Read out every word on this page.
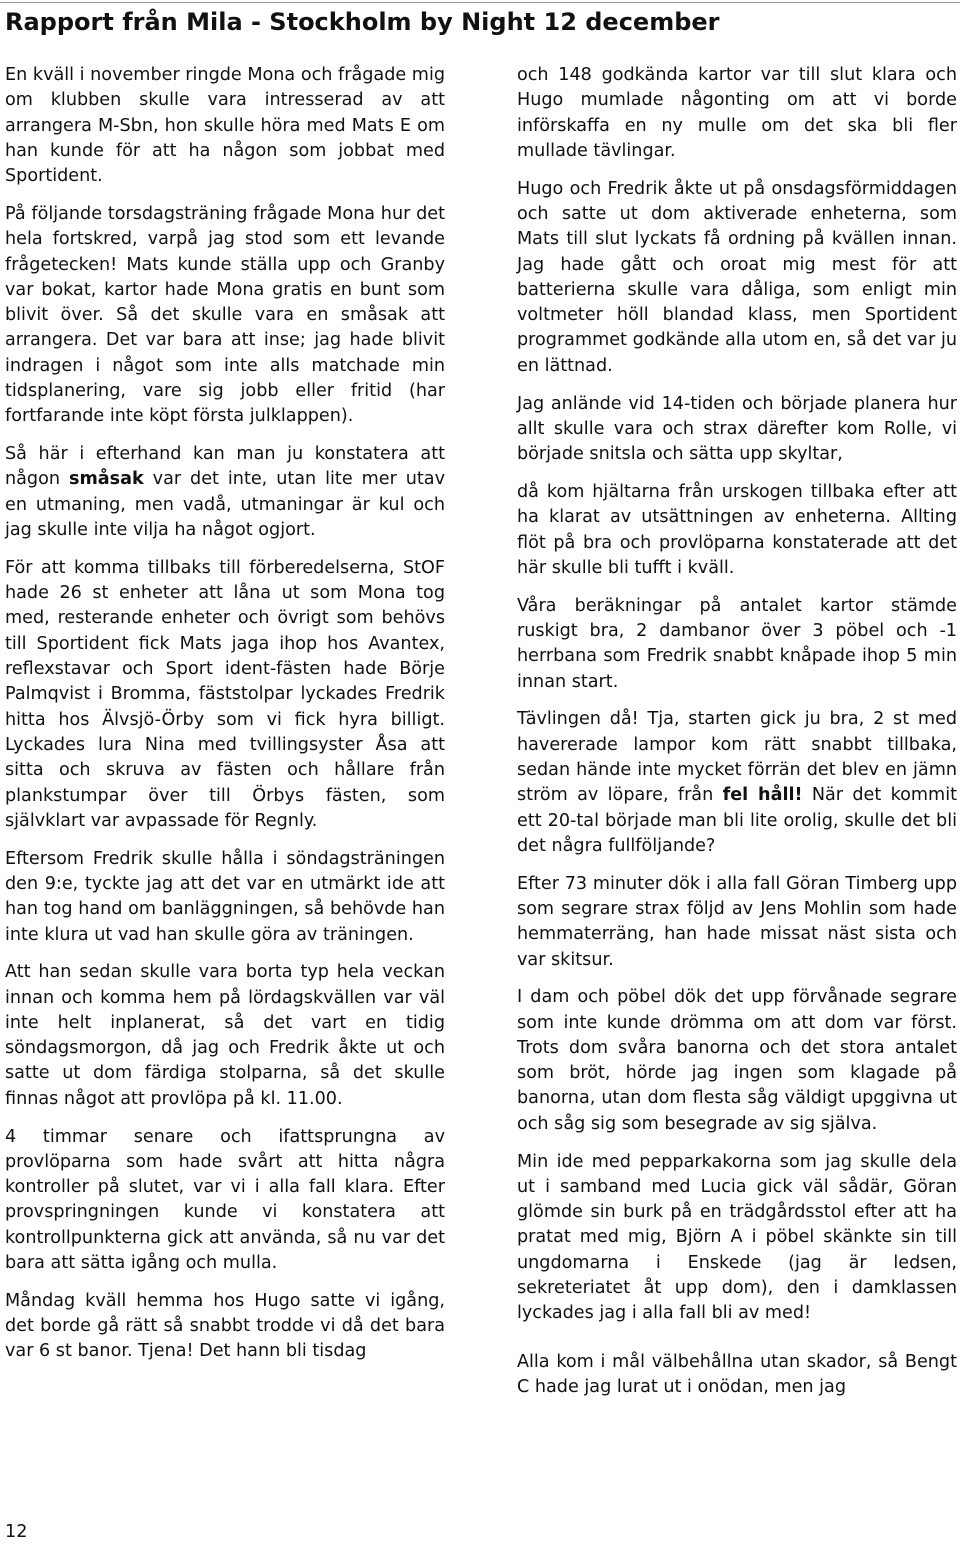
Rapport från Mila - Stockholm by Night 12 december

En kväll i november ringde Mona och frågade mig om klubben skulle vara intresserad av att arrangera M-Sbn, hon skulle höra med Mats E om han kunde för att ha någon som jobbat med Sportident.

På följande torsdagsträning frågade Mona hur det hela fortskred, varpå jag stod som ett levande frågetecken! Mats kunde ställa upp och Granby var bokat, kartor hade Mona gratis en bunt som blivit över. Så det skulle vara en småsak att arrangera. Det var bara att inse; jag hade blivit indragen i något som inte alls matchade min tidsplanering, vare sig jobb eller fritid (har fortfarande inte köpt första julklappen).

Så här i efterhand kan man ju konstatera att någon småsak var det inte, utan lite mer utav en utmaning, men vadå, utmaningar är kul och jag skulle inte vilja ha något ogjort.

För att komma tillbaks till förberedelserna, StOF hade 26 st enheter att låna ut som Mona tog med, resterande enheter och övrigt som behövs till Sportident fick Mats jaga ihop hos Avantex, reflexstavar och Sport ident-fästen hade Börje Palmqvist i Bromma, fäststolpar lyckades Fredrik hitta hos Älvsjö-Örby som vi fick hyra billigt. Lyckades lura Nina med tvillingsyster Åsa att sitta och skruva av fästen och hållare från plankstumpar över till Örbys fästen, som självklart var avpassade för Regnly.

Eftersom Fredrik skulle hålla i söndagsträningen den 9:e, tyckte jag att det var en utmärkt ide att han tog hand om banläggningen, så behövde han inte klura ut vad han skulle göra av träningen.

Att han sedan skulle vara borta typ hela veckan innan och komma hem på lördagskvällen var väl inte helt inplanerat, så det vart en tidig söndagsmorgon, då jag och Fredrik åkte ut och satte ut dom färdiga stolparna, så det skulle finnas något att provlöpa på kl. 11.00.

4 timmar senare och ifattsprungna av provlöparna som hade svårt att hitta några kontroller på slutet, var vi i alla fall klara. Efter provspringningen kunde vi konstatera att kontrollpunkterna gick att använda, så nu var det bara att sätta igång och mulla.

Måndag kväll hemma hos Hugo satte vi igång, det borde gå rätt så snabbt trodde vi då det bara var 6 st banor. Tjena! Det hann bli tisdag

och 148 godkända kartor var till slut klara och Hugo mumlade någonting om att vi borde införskaffa en ny mulle om det ska bli fler mullade tävlingar.

Hugo och Fredrik åkte ut på onsdagsförmiddagen och satte ut dom aktiverade enheterna, som Mats till slut lyckats få ordning på kvällen innan. Jag hade gått och oroat mig mest för att batterierna skulle vara dåliga, som enligt min voltmeter höll blandad klass, men Sportident programmet godkände alla utom en, så det var ju en lättnad.

Jag anlände vid 14-tiden och började planera hur allt skulle vara och strax därefter kom Rolle, vi började snitsla och sätta upp skyltar,

då kom hjältarna från urskogen tillbaka efter att ha klarat av utsättningen av enheterna. Allting flöt på bra och provlöparna konstaterade att det här skulle bli tufft i kväll.

Våra beräkningar på antalet kartor stämde ruskigt bra, 2 dambanor över 3 pöbel och -1 herrbana som Fredrik snabbt knåpade ihop 5 min innan start.

Tävlingen då! Tja, starten gick ju bra, 2 st med havererade lampor kom rätt snabbt tillbaka, sedan hände inte mycket förrän det blev en jämn ström av löpare, från fel håll! När det kommit ett 20-tal började man bli lite orolig, skulle det bli det några fullföljande?

Efter 73 minuter dök i alla fall Göran Timberg upp som segrare strax följd av Jens Mohlin som hade hemmaterräng, han hade missat näst sista och var skitsur.

I dam och pöbel dök det upp förvånade segrare som inte kunde drömma om att dom var först. Trots dom svåra banorna och det stora antalet som bröt, hörde jag ingen som klagade på banorna, utan dom flesta såg väldigt upggivna ut och såg sig som besegrade av sig själva.

Min ide med pepparkakorna som jag skulle dela ut i samband med Lucia gick väl sådär, Göran glömde sin burk på en trädgårdsstol efter att ha pratat med mig, Björn A i pöbel skänkte sin till ungdomarna i Enskede (jag är ledsen, sekreteriatet åt upp dom), den i damklassen lyckades jag i alla fall bli av med!

Alla kom i mål välbehållna utan skador, så Bengt C hade jag lurat ut i onödan, men jag

12
